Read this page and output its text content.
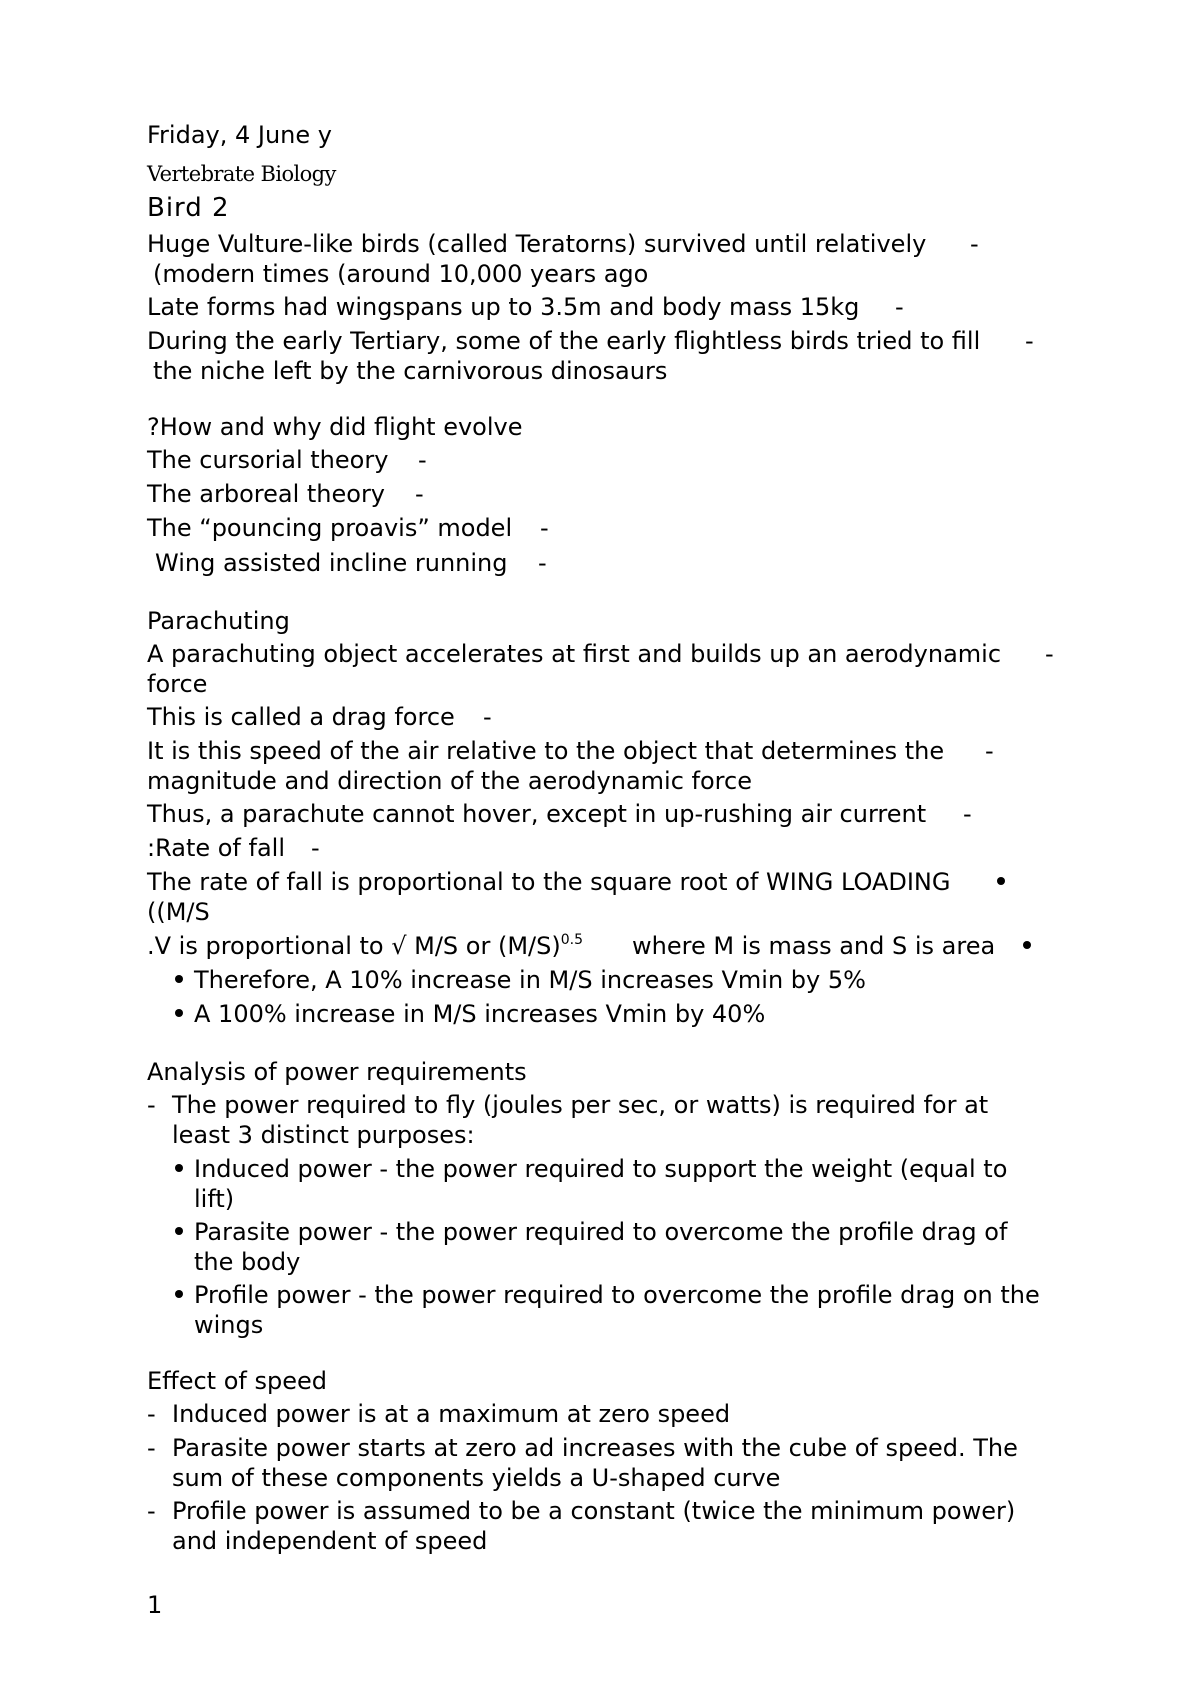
Friday, 4 June y
Vertebrate Biology
Bird 2
Huge Vulture-like birds (called Teratorns) survived until relatively -
(modern times (around 10,000 years ago
Late forms had wingspans up to 3.5m and body mass 15kg -
During the early Tertiary, some of the early flightless birds tried to fill -
the niche left by the carnivorous dinosaurs
?How and why did flight evolve
The cursorial theory -
The arboreal theory -
The “pouncing proavis” model -
Wing assisted incline running -
Parachuting
A parachuting object accelerates at first and builds up an aerodynamic -
force
This is called a drag force -
It is this speed of the air relative to the object that determines the -
magnitude and direction of the aerodynamic force
Thus, a parachute cannot hover, except in up-rushing air current -
:Rate of fall -
The rate of fall is proportional to the square root of WING LOADING
((M/S
.V is proportional to √ M/S or $(M/S)^{0.5}$ where M is mass and S is area
Therefore, A 10% increase in M/S increases Vmin by 5%
A 100% increase in M/S increases Vmin by 40%
Analysis of power requirements
- The power required to fly (joules per sec, or watts) is required for at
least 3 distinct purposes:
Induced power - the power required to support the weight (equal to
lift)
Parasite power - the power required to overcome the profile drag of
the body
Profile power - the power required to overcome the profile drag on the
wings
Effect of speed
- Induced power is at a maximum at zero speed
- Parasite power starts at zero ad increases with the cube of speed. The
sum of these components yields a U-shaped curve
- Profile power is assumed to be a constant (twice the minimum power)
and independent of speed
1
